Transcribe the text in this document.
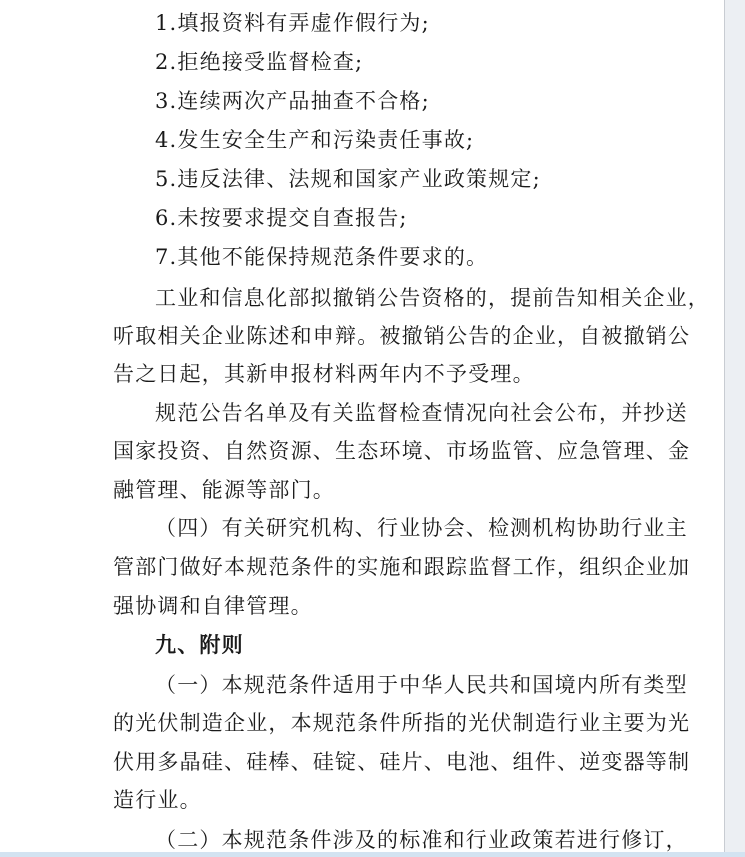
1.填报资料有弄虚作假行为;
2.拒绝接受监督检查;
3.连续两次产品抽查不合格;
4.发生安全生产和污染责任事故;
5.违反法律、法规和国家产业政策规定;
6.未按要求提交自查报告;
7.其他不能保持规范条件要求的。
工业和信息化部拟撤销公告资格的，提前告知相关企业，
听取相关企业陈述和申辩。被撤销公告的企业，自被撤销公
告之日起，其新申报材料两年内不予受理。
规范公告名单及有关监督检查情况向社会公布，并抄送
国家投资、自然资源、生态环境、市场监管、应急管理、金
融管理、能源等部门。
（四）有关研究机构、行业协会、检测机构协助行业主
管部门做好本规范条件的实施和跟踪监督工作，组织企业加
强协调和自律管理。
九、附则
（一）本规范条件适用于中华人民共和国境内所有类型
的光伏制造企业，本规范条件所指的光伏制造行业主要为光
伏用多晶硅、硅棒、硅锭、硅片、电池、组件、逆变器等制
造行业。
（二）本规范条件涉及的标准和行业政策若进行修订，
